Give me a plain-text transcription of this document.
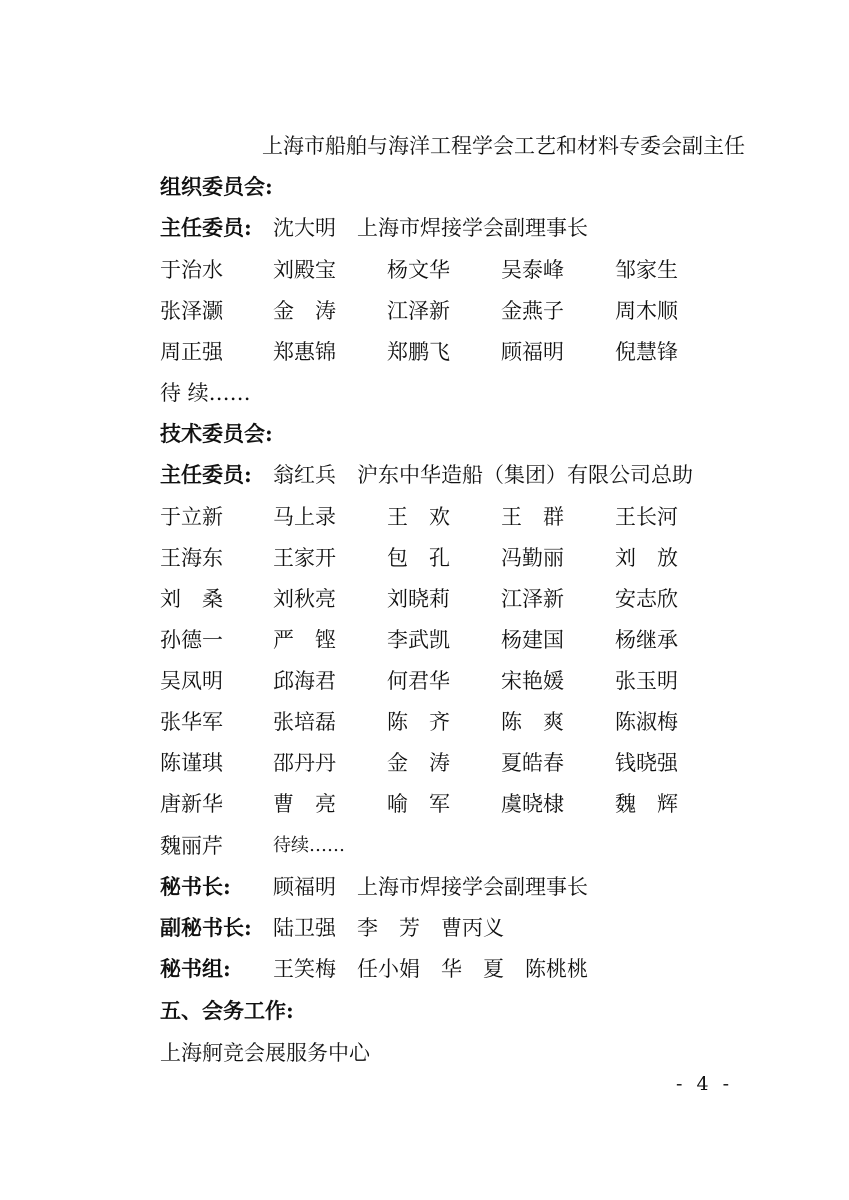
上海市船舶与海洋工程学会工艺和材料专委会副主任
组织委员会:
主任委员: 沈大明　上海市焊接学会副理事长
于治水 刘殿宝 杨文华 吴泰峰 邹家生
张泽灏 金　涛 江泽新 金燕子 周木顺
周正强 郑惠锦 郑鹏飞 顾福明 倪慧锋
待 续……
技术委员会:
主任委员: 翁红兵　沪东中华造船（集团）有限公司总助
于立新 马上录 王　欢 王　群 王长河
王海东 王家开 包　孔 冯勤丽 刘　放
刘　桑 刘秋亮 刘晓莉 江泽新 安志欣
孙德一 严　铿 李武凯 杨建国 杨继承
吴凤明 邱海君 何君华 宋艳媛 张玉明
张华军 张培磊 陈　齐 陈　爽 陈淑梅
陈谨琪 邵丹丹 金　涛 夏皓春 钱晓强
唐新华 曹　亮 喻　军 虞晓棣 魏　辉
魏丽芹	待续……
秘书长: 顾福明　上海市焊接学会副理事长
副秘书长: 陆卫强　李　芳　曹丙义
秘书组: 王笑梅　任小娟　华　夏　陈桃桃
五、会务工作:
上海舸竞会展服务中心
- 4 -
